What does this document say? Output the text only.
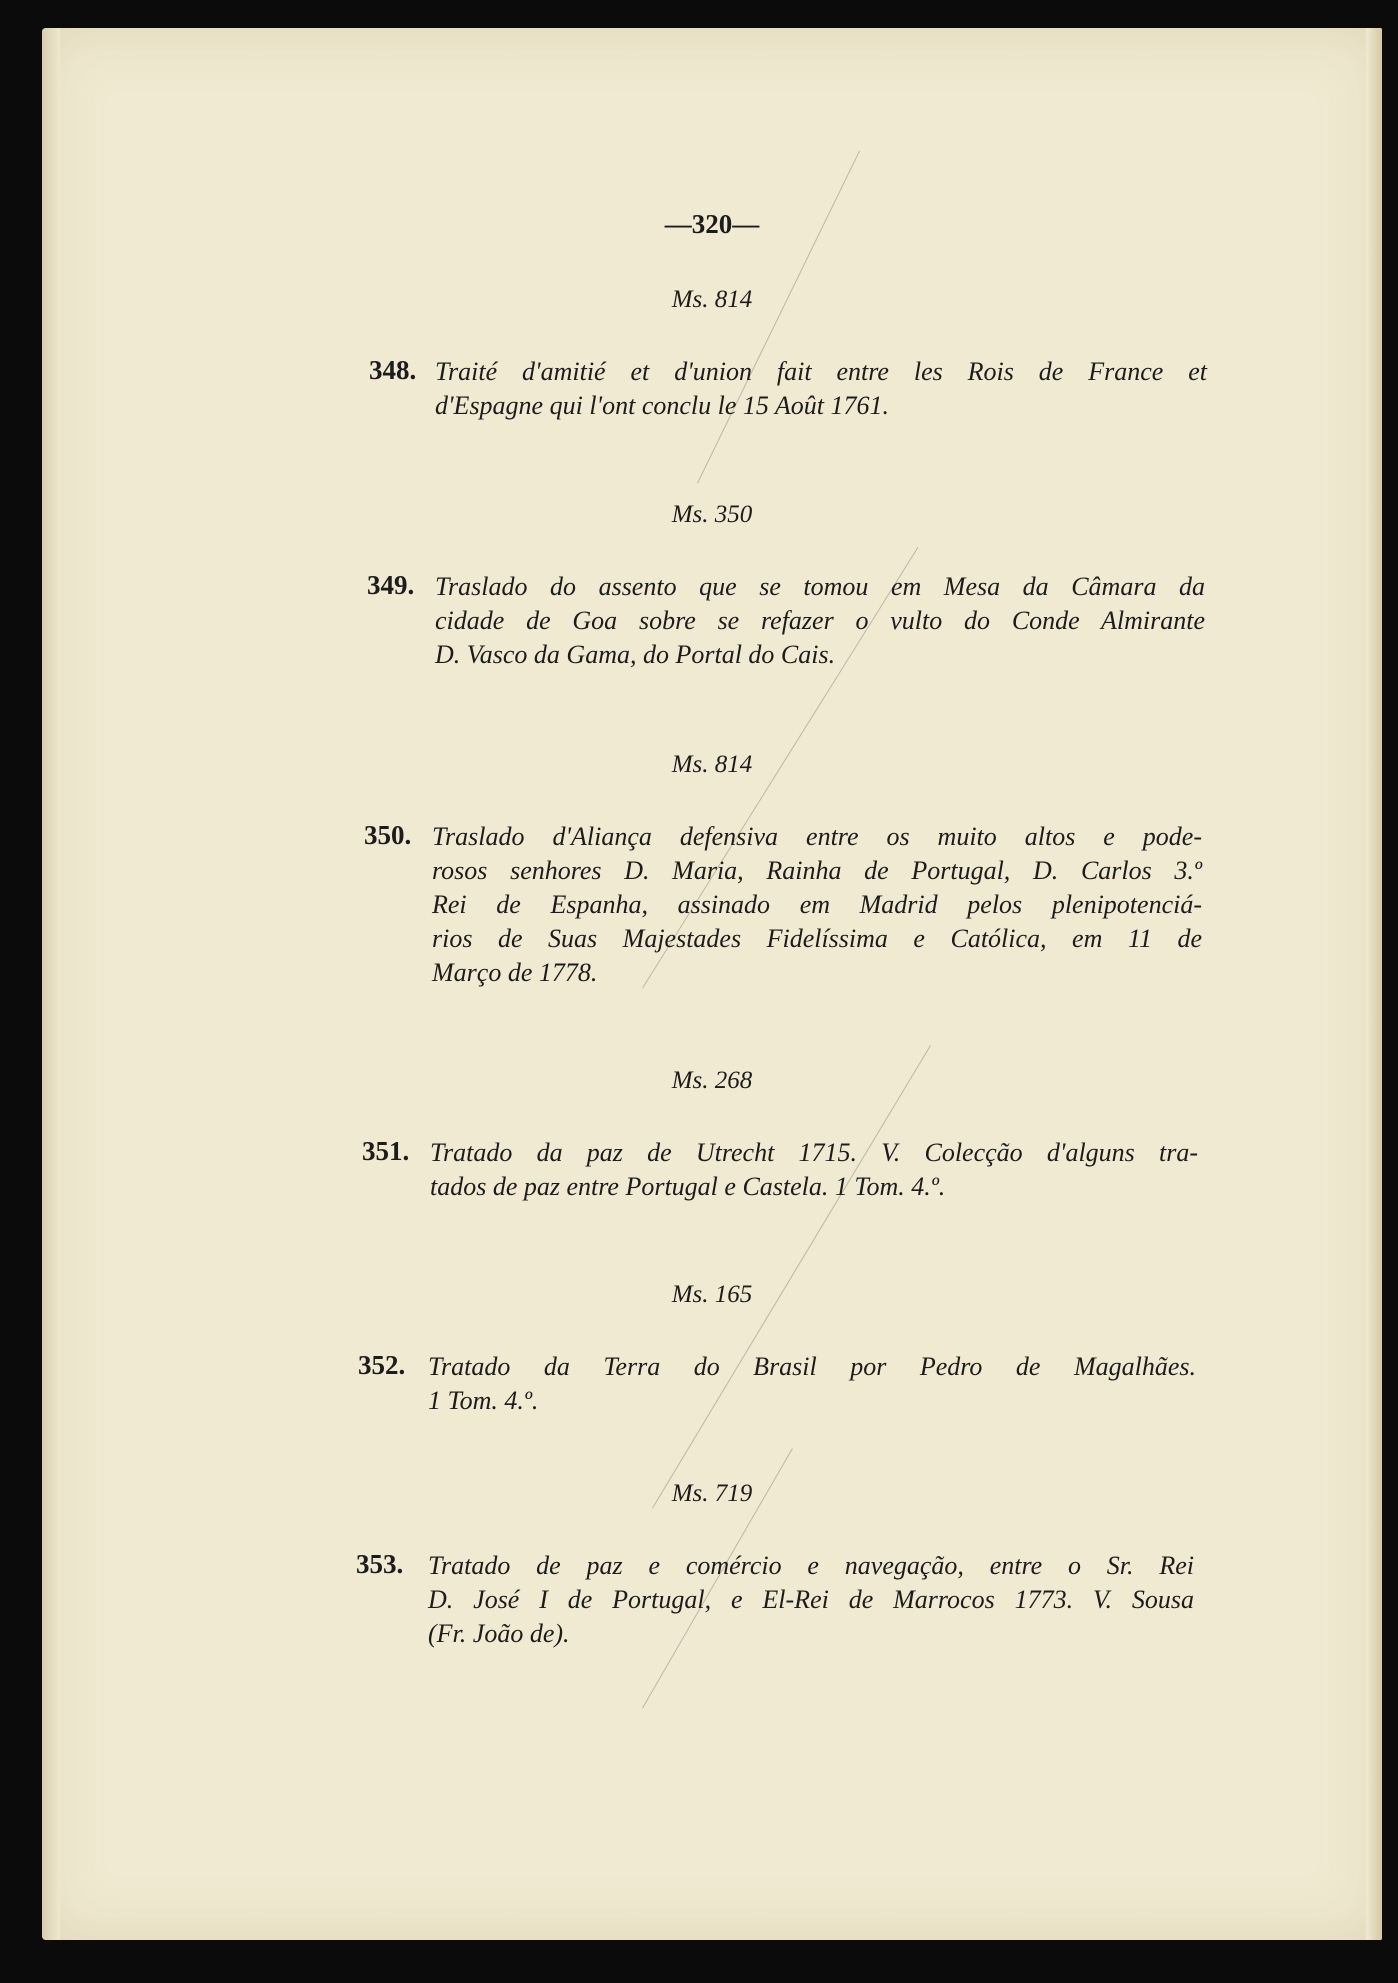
—320—
Ms. 814
348. Traité d'amitié et d'union fait entre les Rois de France et
d'Espagne qui l'ont conclu le 15 Août 1761.
Ms. 350
349. Traslado do assento que se tomou em Mesa da Câmara da
cidade de Goa sobre se refazer o vulto do Conde Almirante
D. Vasco da Gama, do Portal do Cais.
Ms. 814
350. Traslado d'Aliança defensiva entre os muito altos e pode-
rosos senhores D. Maria, Rainha de Portugal, D. Carlos 3.º
Rei de Espanha, assinado em Madrid pelos plenipotenciá-
rios de Suas Majestades Fidelíssima e Católica, em 11 de
Março de 1778.
Ms. 268
351. Tratado da paz de Utrecht 1715. V. Colecção d'alguns tra-
tados de paz entre Portugal e Castela. 1 Tom. 4.º.
Ms. 165
352. Tratado da Terra do Brasil por Pedro de Magalhães.
1 Tom. 4.º.
Ms. 719
353. Tratado de paz e comércio e navegação, entre o Sr. Rei
D. José I de Portugal, e El-Rei de Marrocos 1773. V. Sousa
(Fr. João de).
